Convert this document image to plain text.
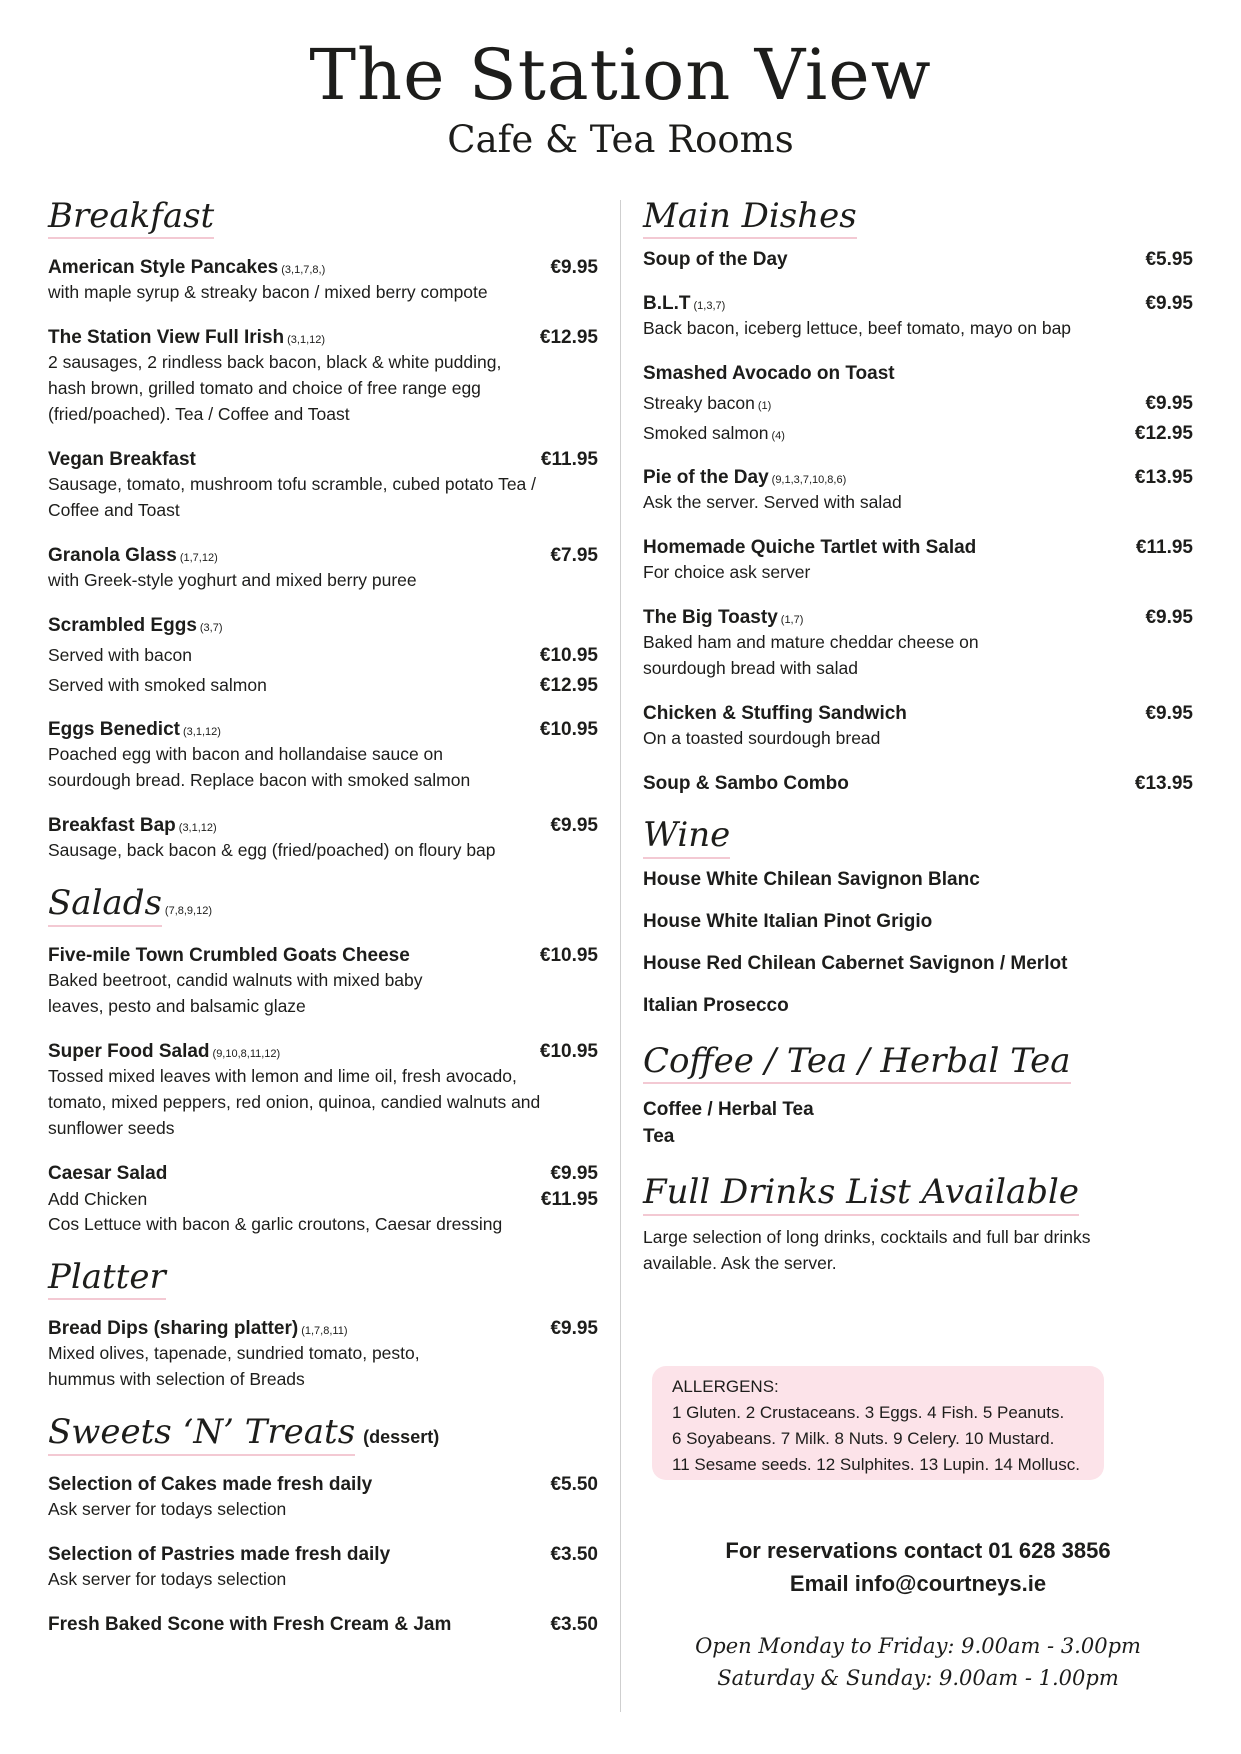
The Station View
Cafe & Tea Rooms
Breakfast
American Style Pancakes (3,1,7,8,)	€9.95
with maple syrup & streaky bacon / mixed berry compote
The Station View Full Irish (3,1,12)	€12.95
2 sausages, 2 rindless back bacon, black & white pudding, hash brown, grilled tomato and choice of free range egg (fried/poached). Tea / Coffee and Toast
Vegan Breakfast	€11.95
Sausage, tomato, mushroom tofu scramble, cubed potato Tea / Coffee and Toast
Granola Glass (1,7,12)	€7.95
with Greek-style yoghurt and mixed berry puree
Scrambled Eggs (3,7)
Served with bacon	€10.95
Served with smoked salmon	€12.95
Eggs Benedict (3,1,12)	€10.95
Poached egg with bacon and hollandaise sauce on sourdough bread. Replace bacon with smoked salmon
Breakfast Bap (3,1,12)	€9.95
Sausage, back bacon & egg (fried/poached) on floury bap
Salads (7,8,9,12)
Five-mile Town Crumbled Goats Cheese	€10.95
Baked beetroot, candid walnuts with mixed baby leaves, pesto and balsamic glaze
Super Food Salad (9,10,8,11,12)	€10.95
Tossed mixed leaves with lemon and lime oil, fresh avocado, tomato, mixed peppers, red onion, quinoa, candied walnuts and sunflower seeds
Caesar Salad	€9.95
Add Chicken	€11.95
Cos Lettuce with bacon & garlic croutons, Caesar dressing
Platter
Bread Dips (sharing platter) (1,7,8,11)	€9.95
Mixed olives, tapenade, sundried tomato, pesto, hummus with selection of Breads
Sweets ‘N’ Treats (dessert)
Selection of Cakes made fresh daily	€5.50
Ask server for todays selection
Selection of Pastries made fresh daily	€3.50
Ask server for todays selection
Fresh Baked Scone with Fresh Cream & Jam	€3.50
Main Dishes
Soup of the Day	€5.95
B.L.T (1,3,7)	€9.95
Back bacon, iceberg lettuce, beef tomato, mayo on bap
Smashed Avocado on Toast
Streaky bacon (1)	€9.95
Smoked salmon (4)	€12.95
Pie of the Day (9,1,3,7,10,8,6)	€13.95
Ask the server. Served with salad
Homemade Quiche Tartlet with Salad	€11.95
For choice ask server
The Big Toasty (1,7)	€9.95
Baked ham and mature cheddar cheese on sourdough bread with salad
Chicken & Stuffing Sandwich	€9.95
On a toasted sourdough bread
Soup & Sambo Combo	€13.95
Wine
House White Chilean Savignon Blanc
House White Italian Pinot Grigio
House Red Chilean Cabernet Savignon / Merlot
Italian Prosecco
Coffee / Tea / Herbal Tea
Coffee / Herbal Tea
Tea
Full Drinks List Available
Large selection of long drinks, cocktails and full bar drinks available. Ask the server.
ALLERGENS:
1 Gluten. 2 Crustaceans. 3 Eggs. 4 Fish. 5 Peanuts.
6 Soyabeans. 7 Milk. 8 Nuts. 9 Celery. 10 Mustard.
11 Sesame seeds. 12 Sulphites. 13 Lupin. 14 Mollusc.
For reservations contact 01 628 3856
Email info@courtneys.ie
Open Monday to Friday: 9.00am - 3.00pm
Saturday & Sunday: 9.00am - 1.00pm
